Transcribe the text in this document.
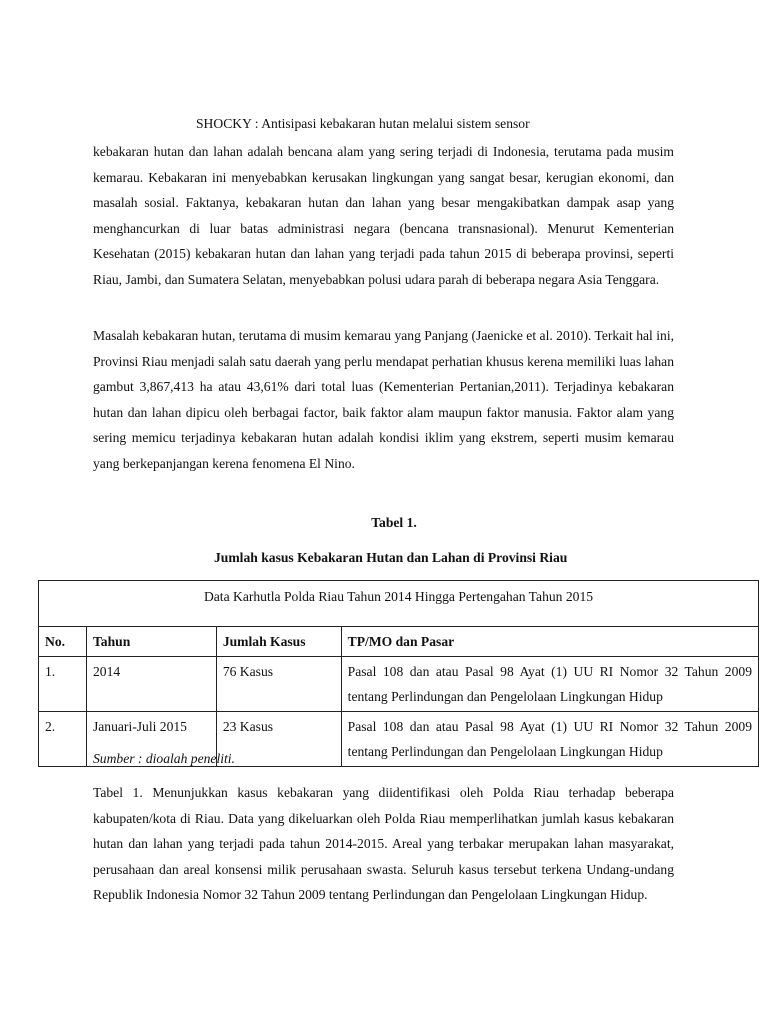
SHOCKY : Antisipasi kebakaran hutan melalui sistem sensor

kebakaran hutan dan lahan adalah bencana alam yang sering terjadi di Indonesia, terutama pada musim kemarau. Kebakaran ini menyebabkan kerusakan lingkungan yang sangat besar, kerugian ekonomi, dan masalah sosial. Faktanya, kebakaran hutan dan lahan yang besar mengakibatkan dampak asap yang menghancurkan di luar batas administrasi negara (bencana transnasional). Menurut Kementerian Kesehatan (2015) kebakaran hutan dan lahan yang terjadi pada tahun 2015 di beberapa provinsi, seperti Riau, Jambi, dan Sumatera Selatan, menyebabkan polusi udara parah di beberapa negara Asia Tenggara.

Masalah kebakaran hutan, terutama di musim kemarau yang Panjang (Jaenicke et al. 2010). Terkait hal ini, Provinsi Riau menjadi salah satu daerah yang perlu mendapat perhatian khusus kerena memiliki luas lahan gambut 3,867,413 ha atau 43,61% dari total luas (Kementerian Pertanian,2011). Terjadinya kebakaran hutan dan lahan dipicu oleh berbagai factor, baik faktor alam maupun faktor manusia. Faktor alam yang sering memicu terjadinya kebakaran hutan adalah kondisi iklim yang ekstrem, seperti musim kemarau yang berkepanjangan kerena fenomena El Nino.

Tabel 1.
Jumlah kasus Kebakaran Hutan dan Lahan di Provinsi Riau
Data Karhutla Polda Riau Tahun 2014 Hingga Pertengahan Tahun 2015			
No.	Tahun	Jumlah Kasus	TP/MO dan Pasar
1.	2014	76 Kasus	Pasal 108 dan atau Pasal 98 Ayat (1) UU RI Nomor 32 Tahun 2009 tentang Perlindungan dan Pengelolaan Lingkungan Hidup
2.	Januari-Juli 2015	23 Kasus	Pasal 108 dan atau Pasal 98 Ayat (1) UU RI Nomor 32 Tahun 2009 tentang Perlindungan dan Pengelolaan Lingkungan Hidup
Sumber : dioalah peneliti.

Tabel 1. Menunjukkan kasus kebakaran yang diidentifikasi oleh Polda Riau terhadap beberapa kabupaten/kota di Riau. Data yang dikeluarkan oleh Polda Riau memperlihatkan jumlah kasus kebakaran hutan dan lahan yang terjadi pada tahun 2014-2015. Areal yang terbakar merupakan lahan masyarakat, perusahaan dan areal konsensi milik perusahaan swasta. Seluruh kasus tersebut terkena Undang-undang Republik Indonesia Nomor 32 Tahun 2009 tentang Perlindungan dan Pengelolaan Lingkungan Hidup.
